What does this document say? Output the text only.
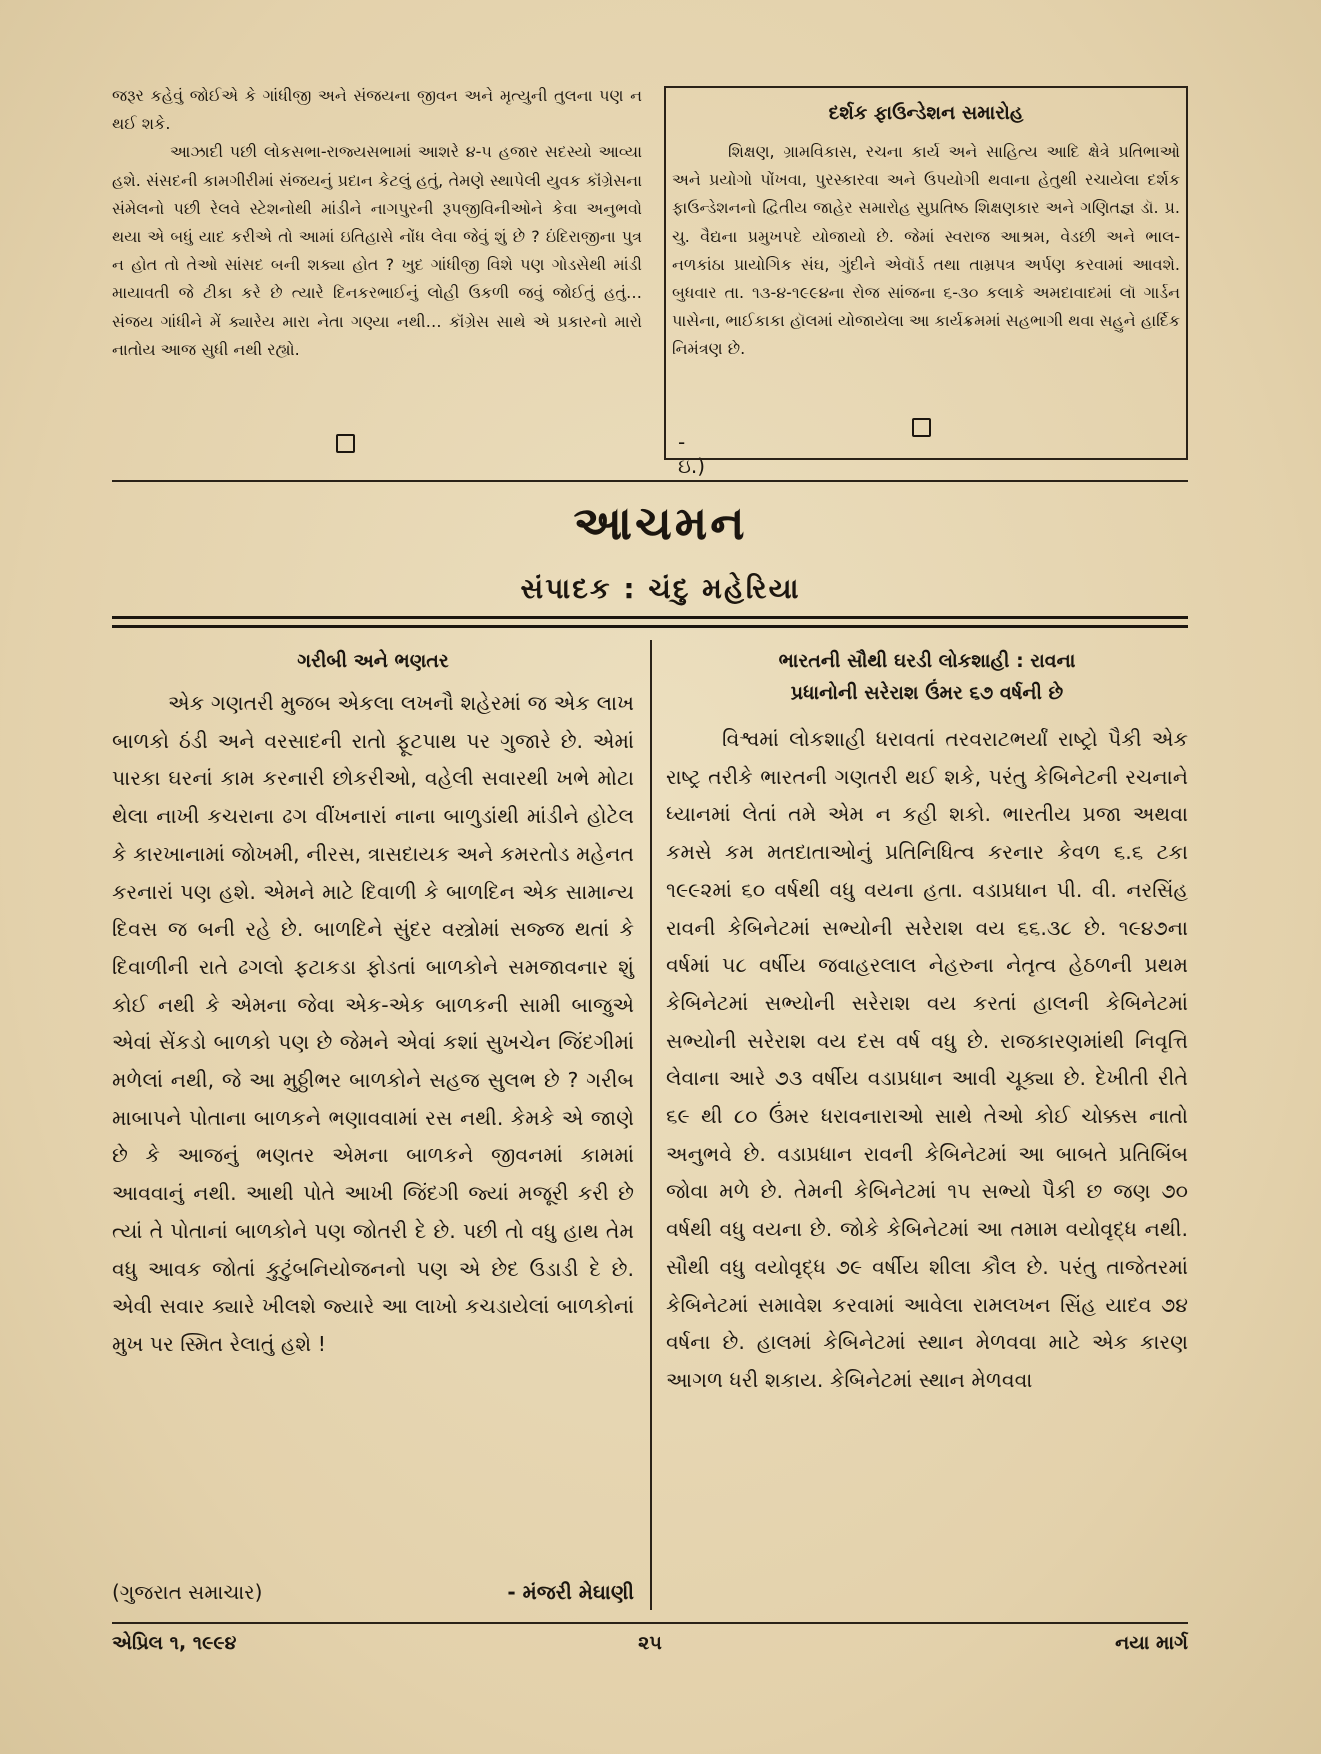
જરૂર કહેવું જોઈએ કે ગાંધીજી અને સંજયના જીવન અને મૃત્યુની તુલના પણ ન થઈ શકે.

આઝાદી પછી લોકસભા-રાજ્યસભામાં આશરે ૪-૫ હજાર સદસ્યો આવ્યા હશે. સંસદની કામગીરીમાં સંજયનું પ્રદાન કેટલું હતું, તેમણે સ્થાપેલી યુવક કૉંગ્રેસના સંમેલનો પછી રેલવે સ્ટેશનોથી માંડીને નાગપુરની રૂપજીવિનીઓને કેવા અનુભવો થયા એ બધું યાદ કરીએ તો આમાં ઇતિહાસે નોંધ લેવા જેવું શું છે ? ઇંદિરાજીના પુત્ર ન હોત તો તેઓ સાંસદ બની શક્યા હોત ? ખુદ ગાંધીજી વિશે પણ ગોડસેથી માંડી માયાવતી જે ટીકા કરે છે ત્યારે દિનકરભાઈનું લોહી ઉકળી જવું જોઈતું હતું… સંજય ગાંધીને મેં ક્યારેય મારા નેતા ગણ્યા નથી… કૉંગ્રેસ સાથે એ પ્રકારનો મારો નાતોય આજ સુધી નથી રહ્યો.

- ઇ.)
દર્શક ફાઉન્ડેશન સમારોહ
શિક્ષણ, ગ્રામવિકાસ, રચના કાર્ય અને સાહિત્ય આદિ ક્ષેત્રે પ્રતિભાઓ અને પ્રયોગો પોંખવા, પુરસ્કારવા અને ઉપયોગી થવાના હેતુથી રચાયેલા દર્શક ફાઉન્ડેશનનો દ્વિતીય જાહેર સમારોહ સુપ્રતિષ્ઠ શિક્ષણકાર અને ગણિતજ્ઞ ડૉ. પ્ર. ચુ. વૈદ્યના પ્રમુખપદે યોજાયો છે. જેમાં સ્વરાજ આશ્રમ, વેડછી અને ભાલ-નળકાંઠા પ્રાયોગિક સંઘ, ગુંદીને એવૉર્ડ તથા તામ્રપત્ર અર્પણ કરવામાં આવશે. બુધવાર તા. ૧૩-૪-૧૯૯૪ના રોજ સાંજના ૬-૩૦ કલાકે અમદાવાદમાં લૉ ગાર્ડન પાસેના, ભાઈકાકા હૉલમાં યોજાયેલા આ કાર્યક્રમમાં સહભાગી થવા સહુને હાર્દિક નિમંત્રણ છે.
આચમન
સંપાદક : ચંદુ મહેરિયા
ગરીબી અને ભણતર

એક ગણતરી મુજબ એકલા લખનૌ શહેરમાં જ એક લાખ બાળકો ઠંડી અને વરસાદની રાતો ફૂટપાથ પર ગુજારે છે. એમાં પારકા ઘરનાં કામ કરનારી છોકરીઓ, વહેલી સવારથી ખભે મોટા થેલા નાખી કચરાના ઢગ વીંખનારાં નાના બાળુડાંથી માંડીને હોટેલ કે કારખાનામાં જોખમી, નીરસ, ત્રાસદાયક અને કમરતોડ મહેનત કરનારાં પણ હશે. એમને માટે દિવાળી કે બાળદિન એક સામાન્ય દિવસ જ બની રહે છે. બાળદિને સુંદર વસ્ત્રોમાં સજ્જ થતાં કે દિવાળીની રાતે ઢગલો ફટાકડા ફોડતાં બાળકોને સમજાવનાર શું કોઈ નથી કે એમના જેવા એક-એક બાળકની સામી બાજુએ એવાં સેંકડો બાળકો પણ છે જેમને એવાં કશાં સુખચેન જિંદગીમાં મળેલાં નથી, જે આ મુઠ્ઠીભર બાળકોને સહજ સુલભ છે ? ગરીબ માબાપને પોતાના બાળકને ભણાવવામાં રસ નથી. કેમકે એ જાણે છે કે આજનું ભણતર એમના બાળકને જીવનમાં કામમાં આવવાનું નથી. આથી પોતે આખી જિંદગી જ્યાં મજૂરી કરી છે ત્યાં તે પોતાનાં બાળકોને પણ જોતરી દે છે. પછી તો વધુ હાથ તેમ વધુ આવક જોતાં કુટુંબનિયોજનનો પણ એ છેદ ઉડાડી દે છે. એવી સવાર ક્યારે ખીલશે જ્યારે આ લાખો કચડાયેલાં બાળકોનાં મુખ પર સ્મિત રેલાતું હશે !

(ગુજરાત સમાચાર)	- મંજરી મેઘાણી
ભારતની સૌથી ઘરડી લોકશાહી : રાવના
પ્રધાનોની સરેરાશ ઉંમર ૬૭ વર્ષની છે

વિશ્વમાં લોકશાહી ધરાવતાં તરવરાટભર્યાં રાષ્ટ્રો પૈકી એક રાષ્ટ્ર તરીકે ભારતની ગણતરી થઈ શકે, પરંતુ કેબિનેટની રચનાને ધ્યાનમાં લેતાં તમે એમ ન કહી શકો. ભારતીય પ્રજા અથવા કમસે કમ મતદાતાઓનું પ્રતિનિધિત્વ કરનાર કેવળ ૬.૬ ટકા ૧૯૯૨માં ૬૦ વર્ષથી વધુ વયના હતા. વડાપ્રધાન પી. વી. નરસિંહ રાવની કેબિનેટમાં સભ્યોની સરેરાશ વય ૬૬.૩૮ છે. ૧૯૪૭ના વર્ષમાં ૫૮ વર્ષીય જવાહરલાલ નેહરુના નેતૃત્વ હેઠળની પ્રથમ કેબિનેટમાં સભ્યોની સરેરાશ વય કરતાં હાલની કેબિનેટમાં સભ્યોની સરેરાશ વય દસ વર્ષ વધુ છે. રાજકારણમાંથી નિવૃત્તિ લેવાના આરે ૭૩ વર્ષીય વડાપ્રધાન આવી ચૂક્યા છે. દેખીતી રીતે ૬૯ થી ૮૦ ઉંમર ધરાવનારાઓ સાથે તેઓ કોઈ ચોક્કસ નાતો અનુભવે છે. વડાપ્રધાન રાવની કેબિનેટમાં આ બાબતે પ્રતિબિંબ જોવા મળે છે. તેમની કેબિનેટમાં ૧૫ સભ્યો પૈકી છ જણ ૭૦ વર્ષથી વધુ વયના છે. જોકે કેબિનેટમાં આ તમામ વયોવૃદ્ધ નથી. સૌથી વધુ વયોવૃદ્ધ ૭૯ વર્ષીય શીલા કૌલ છે. પરંતુ તાજેતરમાં કેબિનેટમાં સમાવેશ કરવામાં આવેલા રામલખન સિંહ યાદવ ૭૪ વર્ષના છે. હાલમાં કેબિનેટમાં સ્થાન મેળવવા માટે એક કારણ આગળ ધરી શકાય. કેબિનેટમાં સ્થાન મેળવવા

એપ્રિલ ૧, ૧૯૯૪	૨૫	નયા માર્ગ
